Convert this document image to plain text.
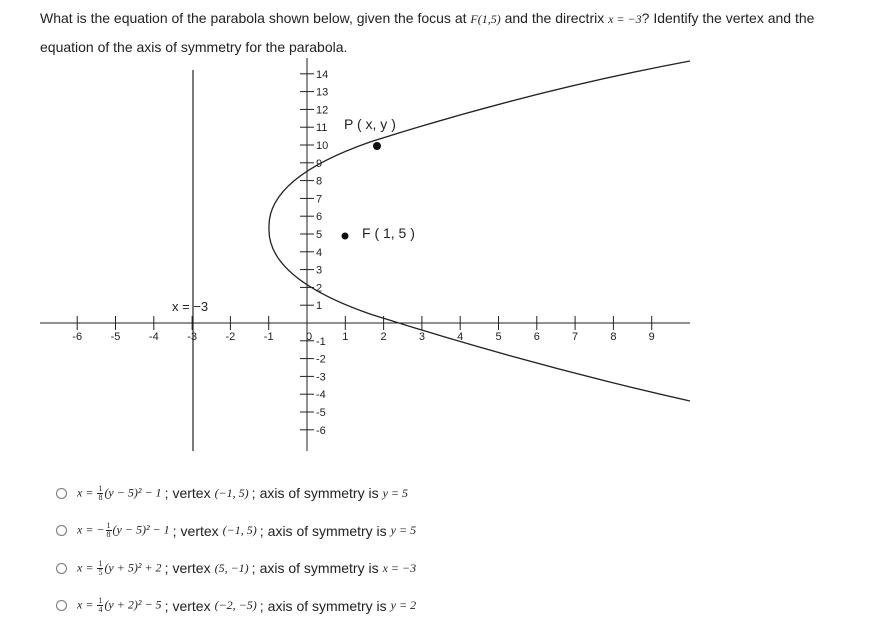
What is the equation of the parabola shown below, given the focus at F(1,5) and the directrix x = −3? Identify the vertex and the equation of the axis of symmetry for the parabola.
-6	-5	-4	-3	-2	-1	0	1	2	3	4	5	6	7	8	9
1
2
3
4
5
6
7
8
9
10
11
12
13
14
-1
-2
-3
-4
-5
-6
P ( x, y )
F ( 1, 5 )
x = −3
$x = \frac{1}{8} (y - 5)^2 - 1$ ; vertex (−1, 5) ; axis of symmetry is y = 5
x = − $\frac{1}{8} (y - 5)^2 - 1$ ; vertex (−1, 5) ; axis of symmetry is y = 5
$x = \frac{1}{5} (y + 5)^2 + 2$ ; vertex (5, −1) ; axis of symmetry is x = −3
$x = \frac{1}{4} (y + 2)^2 - 5$ ; vertex (−2, −5) ; axis of symmetry is y = 2
